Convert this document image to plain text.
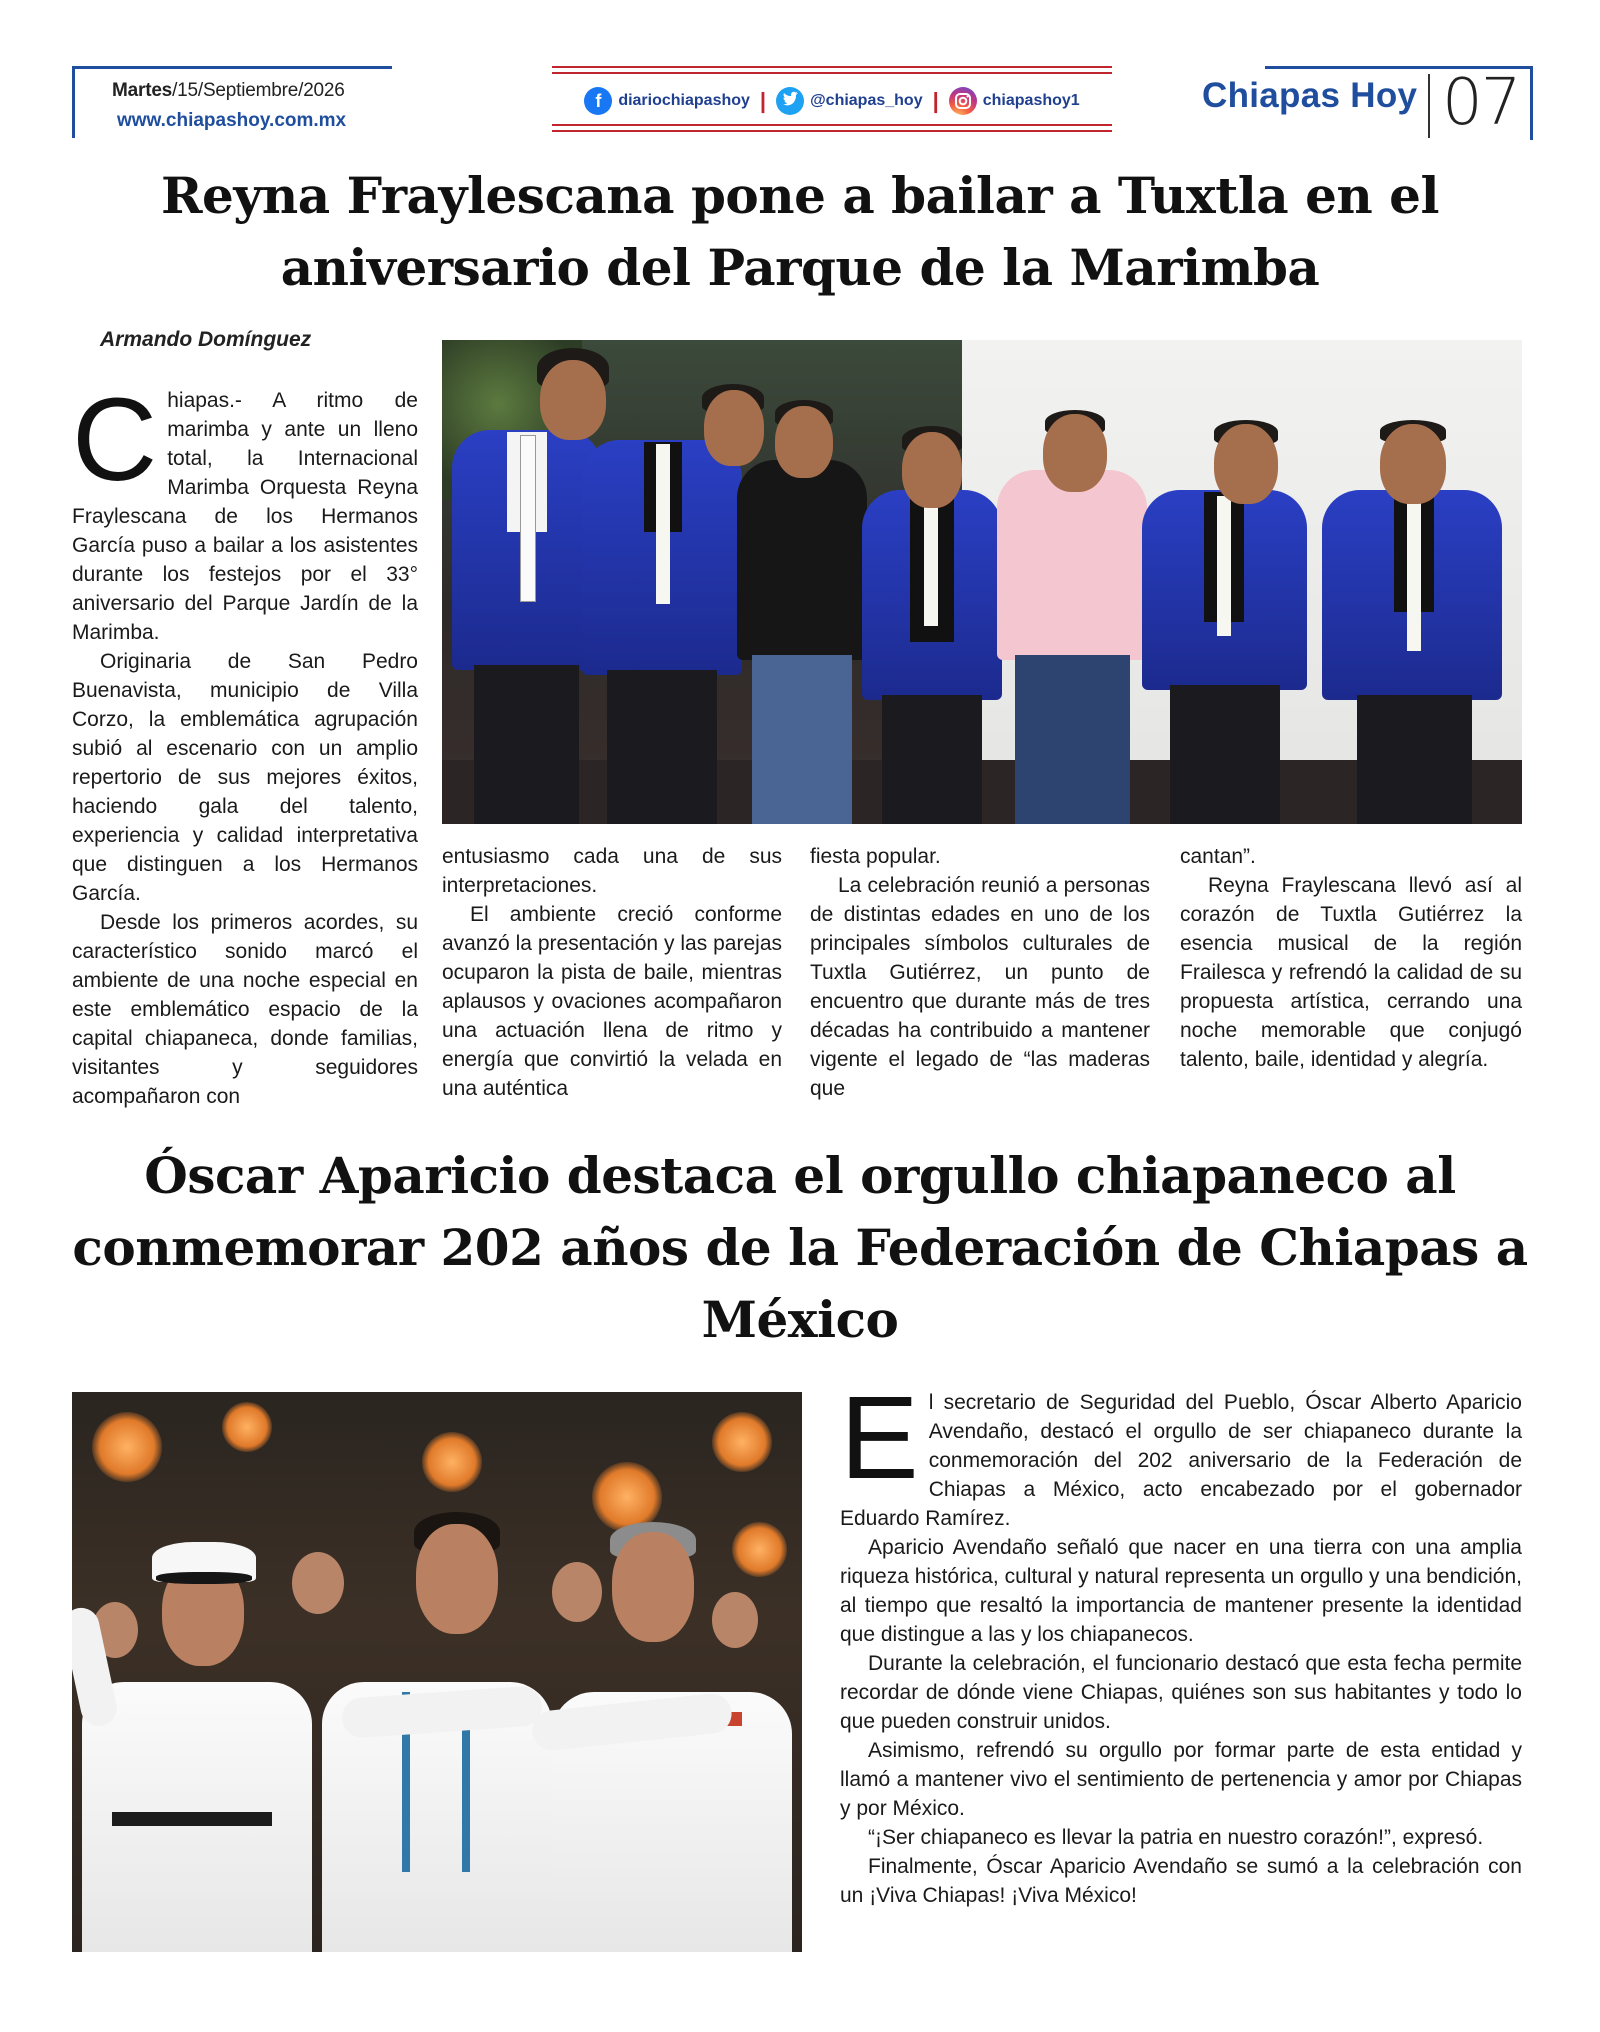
Martes/15/Septiembre/2026
www.chiapashoy.com.mx
f	diariochiapashoy |	@chiapas_hoy |	chiapashoy1	Chiapas Hoy 07
Reyna Fraylescana pone a bailar a Tuxtla en el
aniversario del Parque de la Marimba
Armando Domínguez

Chiapas.- A ritmo de marimba y ante un lleno total, la Internacional Marimba Orquesta Reyna Fraylescana de los Hermanos García puso a bailar a los asistentes durante los festejos por el 33° aniversario del Parque Jardín de la Marimba.

Originaria de San Pedro Buenavista, municipio de Villa Corzo, la emblemática agrupación subió al escenario con un amplio repertorio de sus mejores éxitos, haciendo gala del talento, experiencia y calidad interpretativa que distinguen a los Hermanos García.

Desde los primeros acordes, su característico sonido marcó el ambiente de una noche especial en este emblemático espacio de la capital chiapaneca, donde familias, visitantes y seguidores acompañaron con

entusiasmo cada una de sus interpretaciones.

El ambiente creció conforme avanzó la presentación y las parejas ocuparon la pista de baile, mientras aplausos y ovaciones acompañaron una actuación llena de ritmo y energía que convirtió la velada en una auténtica

fiesta popular.

La celebración reunió a personas de distintas edades en uno de los principales símbolos culturales de Tuxtla Gutiérrez, un punto de encuentro que durante más de tres décadas ha contribuido a mantener vigente el legado de “las maderas que

cantan”.

Reyna Fraylescana llevó así al corazón de Tuxtla Gutiérrez la esencia musical de la región Frailesca y refrendó la calidad de su propuesta artística, cerrando una noche memorable que conjugó talento, baile, identidad y alegría.

Óscar Aparicio destaca el orgullo chiapaneco al
conmemorar 202 años de la Federación de Chiapas a
México

El secretario de Seguridad del Pueblo, Óscar Alberto Aparicio Avendaño, destacó el orgullo de ser chiapaneco durante la conmemoración del 202 aniversario de la Federación de Chiapas a México, acto encabezado por el gobernador Eduardo Ramírez.

Aparicio Avendaño señaló que nacer en una tierra con una amplia riqueza histórica, cultural y natural representa un orgullo y una bendición, al tiempo que resaltó la importancia de mantener presente la identidad que distingue a las y los chiapanecos.

Durante la celebración, el funcionario destacó que esta fecha permite recordar de dónde viene Chiapas, quiénes son sus habitantes y todo lo que pueden construir unidos.

Asimismo, refrendó su orgullo por formar parte de esta entidad y llamó a mantener vivo el sentimiento de pertenencia y amor por Chiapas y por México.

“¡Ser chiapaneco es llevar la patria en nuestro corazón!”, expresó.

Finalmente, Óscar Aparicio Avendaño se sumó a la celebración con un ¡Viva Chiapas! ¡Viva México!
